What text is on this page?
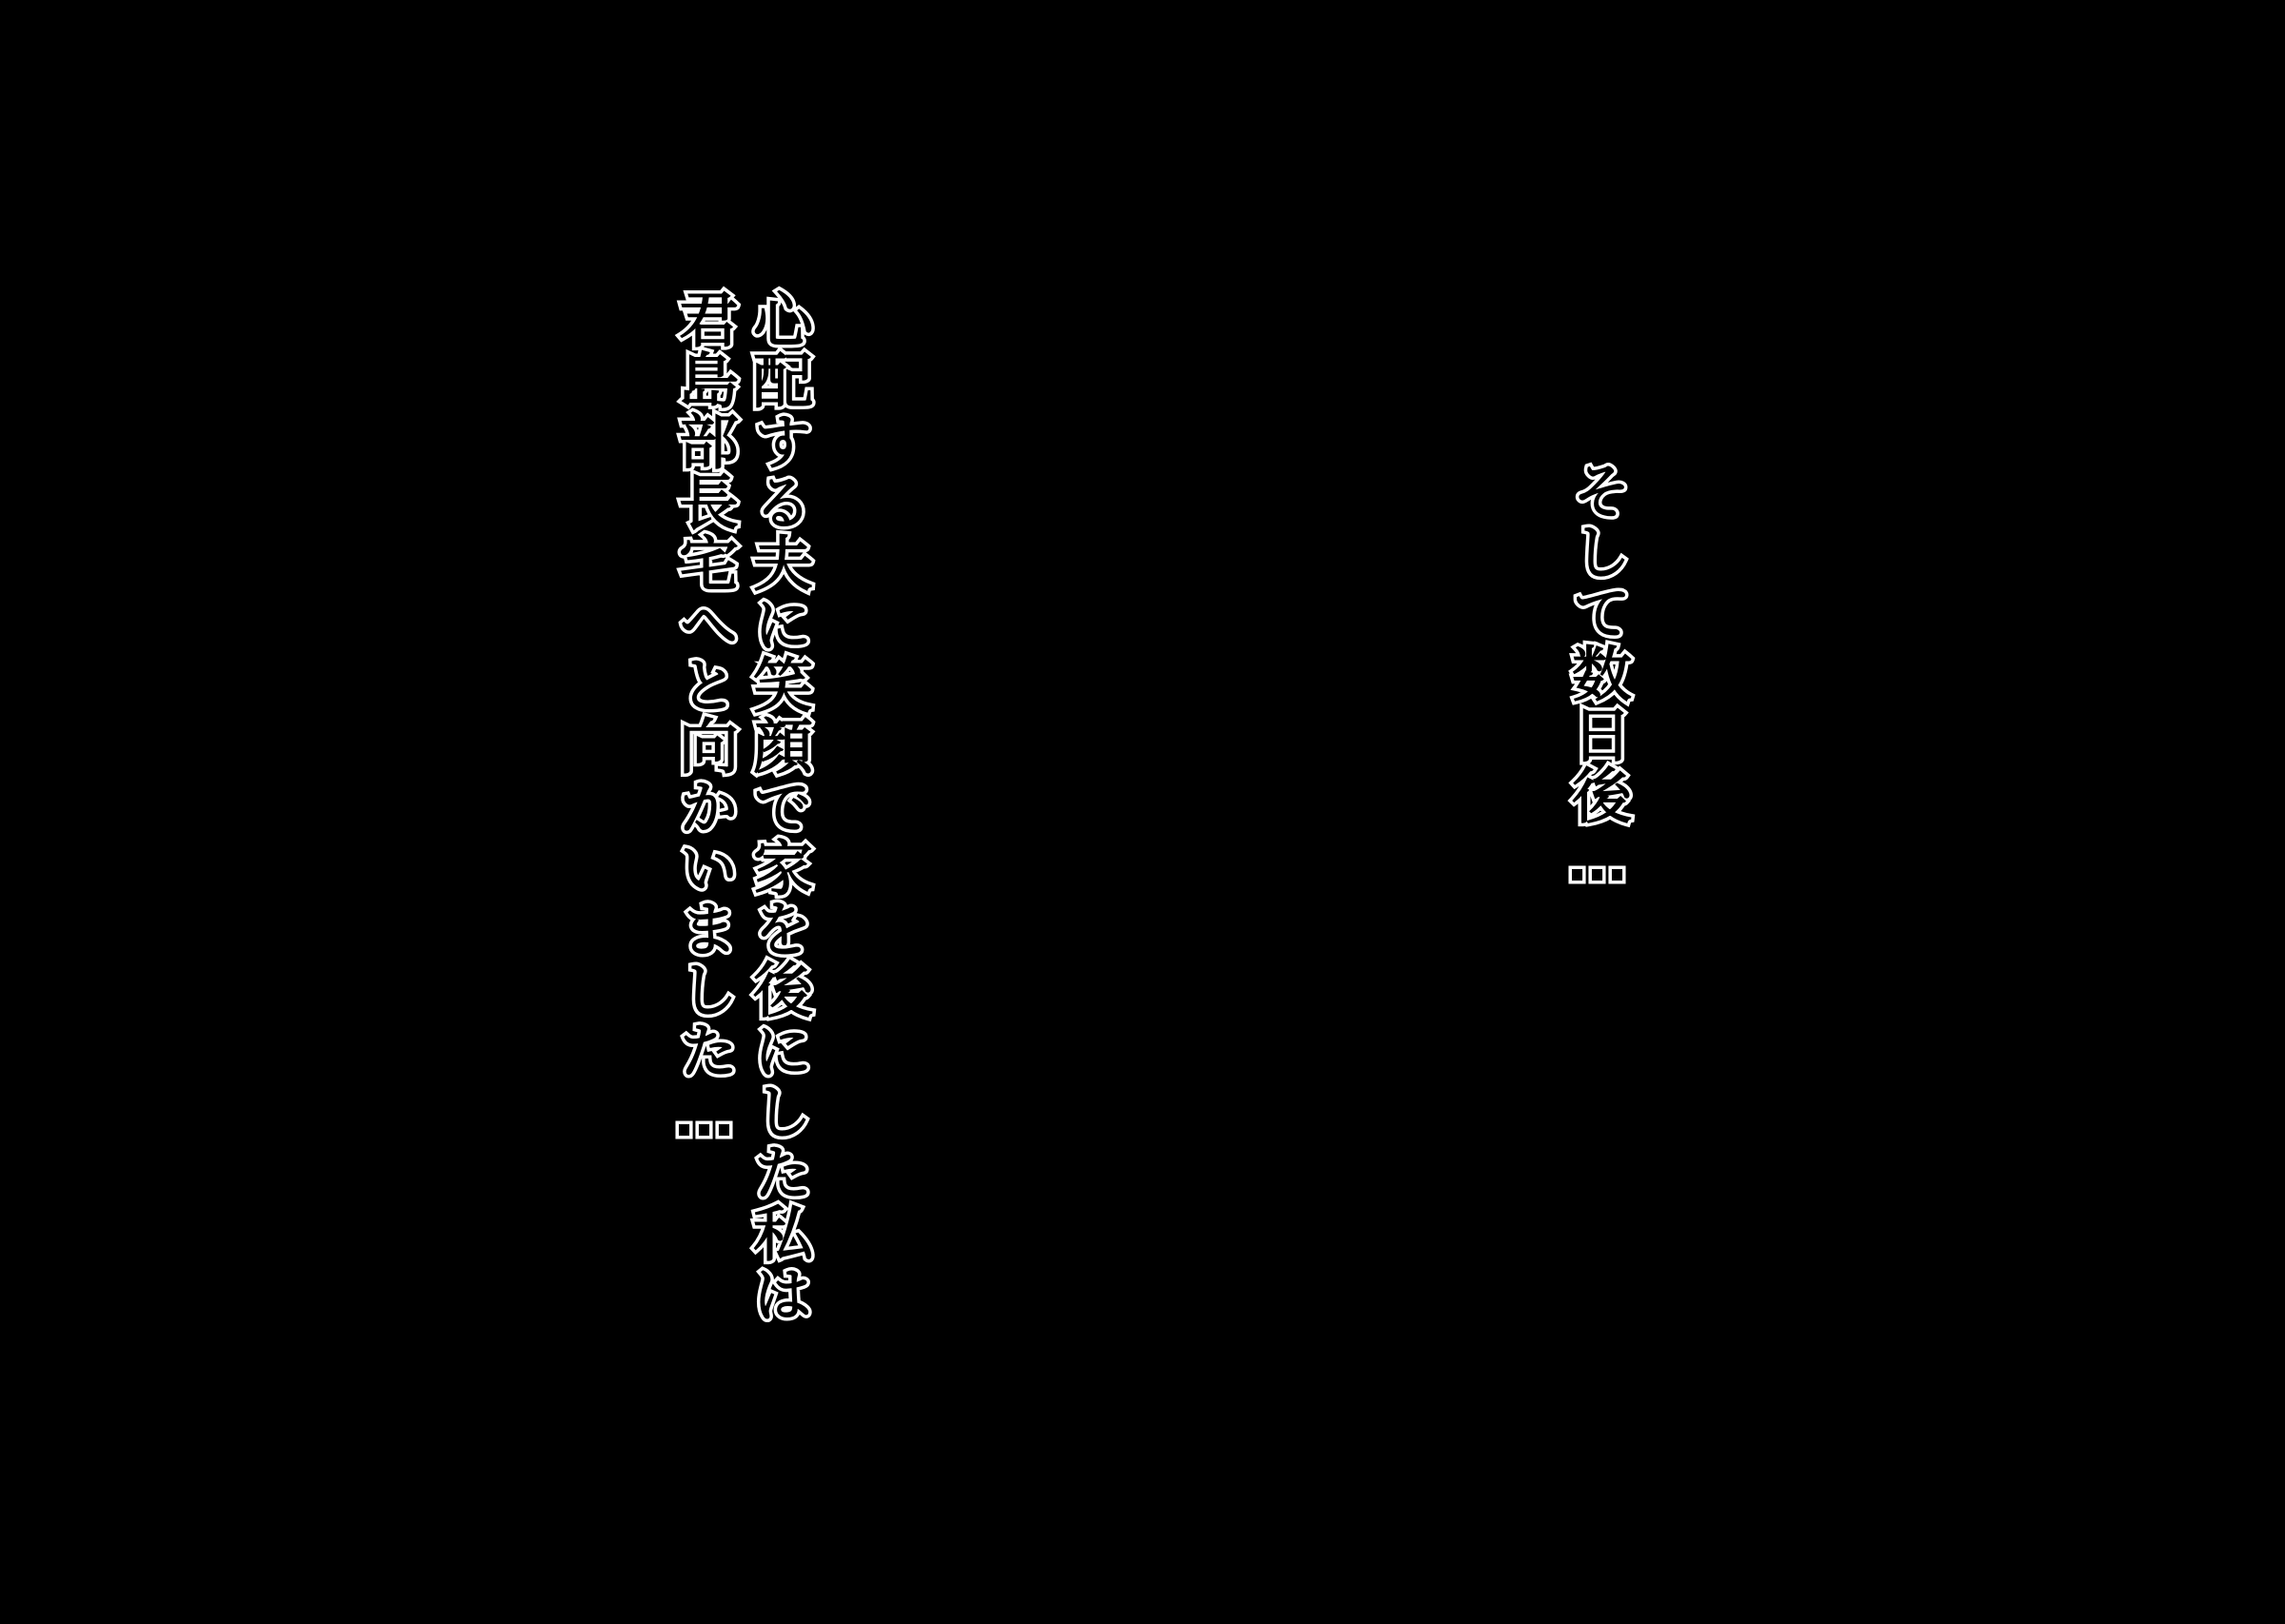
そして数日後…
心配する夫に笑顔で家を後にした私は
君島部長宅へと向かいました…
